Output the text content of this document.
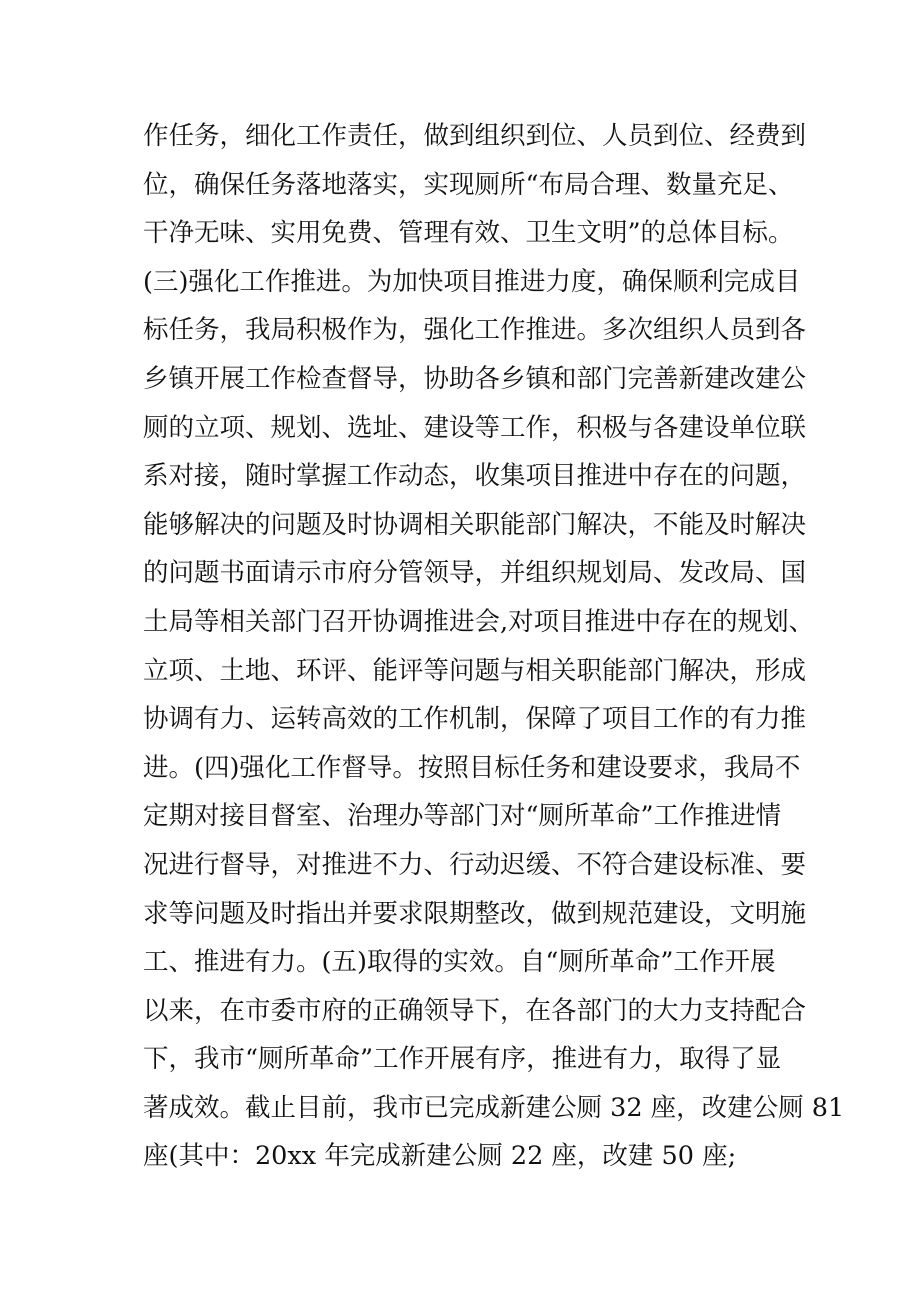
作任务，细化工作责任，做到组织到位、人员到位、经费到
位，确保任务落地落实，实现厕所“布局合理、数量充足、
干净无味、实用免费、管理有效、卫生文明”的总体目标。
(三)强化工作推进。为加快项目推进力度，确保顺利完成目
标任务，我局积极作为，强化工作推进。多次组织人员到各
乡镇开展工作检查督导，协助各乡镇和部门完善新建改建公
厕的立项、规划、选址、建设等工作，积极与各建设单位联
系对接，随时掌握工作动态，收集项目推进中存在的问题，
能够解决的问题及时协调相关职能部门解决，不能及时解决
的问题书面请示市府分管领导，并组织规划局、发改局、国
土局等相关部门召开协调推进会,对项目推进中存在的规划、
立项、土地、环评、能评等问题与相关职能部门解决，形成
协调有力、运转高效的工作机制，保障了项目工作的有力推
进。(四)强化工作督导。按照目标任务和建设要求，我局不
定期对接目督室、治理办等部门对“厕所革命”工作推进情
况进行督导，对推进不力、行动迟缓、不符合建设标准、要
求等问题及时指出并要求限期整改，做到规范建设，文明施
工、推进有力。(五)取得的实效。自“厕所革命”工作开展
以来，在市委市府的正确领导下，在各部门的大力支持配合
下，我市“厕所革命”工作开展有序，推进有力，取得了显
著成效。截止目前，我市已完成新建公厕 32 座，改建公厕 81
座(其中：20xx 年完成新建公厕 22 座，改建 50 座;
